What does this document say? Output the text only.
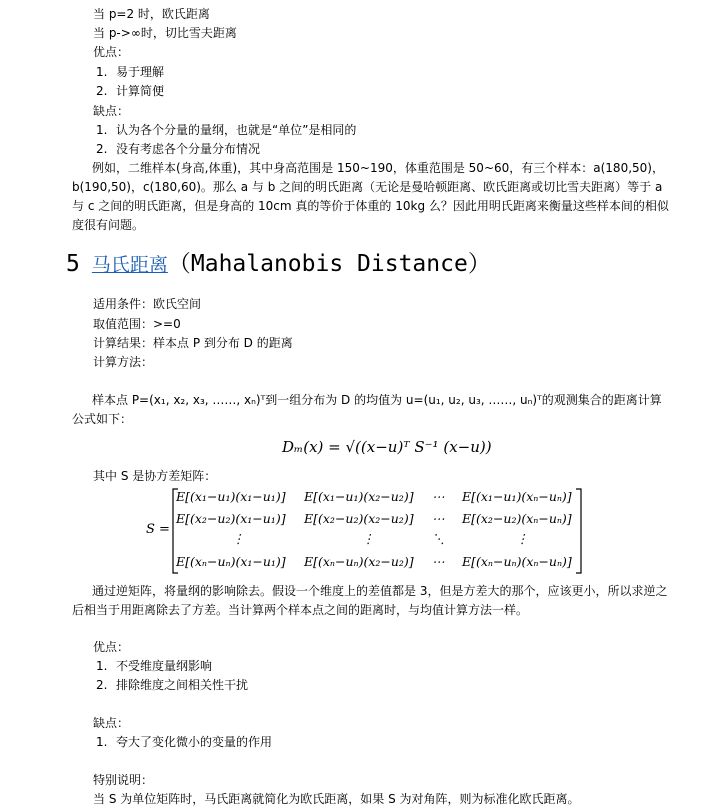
当 p=2 时，欧氏距离
当 p->∞时，切比雪夫距离
优点：
1. 易于理解
2. 计算简便
缺点：
1. 认为各个分量的量纲，也就是“单位”是相同的
2. 没有考虑各个分量分布情况
例如，二维样本(身高,体重)，其中身高范围是 150~190，体重范围是 50~60，有三个样本：a(180,50)，b(190,50)，c(180,60)。那么 a 与 b 之间的明氏距离（无论是曼哈顿距离、欧氏距离或切比雪夫距离）等于 a 与 c 之间的明氏距离，但是身高的 10cm 真的等价于体重的 10kg 么？因此用明氏距离来衡量这些样本间的相似度很有问题。
5 马氏距离（Mahalanobis Distance）
适用条件：欧氏空间
取值范围：>=0
计算结果：样本点 P 到分布 D 的距离
计算方法：
样本点 P=(x₁, x₂, x₃, ……, xₙ)ᵀ到一组分布为 D 的均值为 u=(u₁, u₂, u₃, ……, uₙ)ᵀ的观测集合的距离计算公式如下：
Dₘ(x) = √((x−u)ᵀ S⁻¹ (x−u))
其中 S 是协方差矩阵：
S =
E[(x₁−u₁)(x₁−u₁)] E[(x₁−u₁)(x₂−u₂)] ⋯ E[(x₁−u₁)(xₙ−uₙ)]
E[(x₂−u₂)(x₁−u₁)] E[(x₂−u₂)(x₂−u₂)] ⋯ E[(x₂−u₂)(xₙ−uₙ)]
⋮	⋮	⋱	⋮
E[(xₙ−uₙ)(x₁−u₁)] E[(xₙ−uₙ)(x₂−u₂)] ⋯ E[(xₙ−uₙ)(xₙ−uₙ)]
通过逆矩阵，将量纲的影响除去。假设一个维度上的差值都是 3，但是方差大的那个，应该更小，所以求逆之后相当于用距离除去了方差。当计算两个样本点之间的距离时，与均值计算方法一样。
优点：
1. 不受维度量纲影响
2. 排除维度之间相关性干扰
缺点：
1. 夸大了变化微小的变量的作用
特别说明：
当 S 为单位矩阵时，马氏距离就简化为欧氏距离，如果 S 为对角阵，则为标准化欧氏距离。
